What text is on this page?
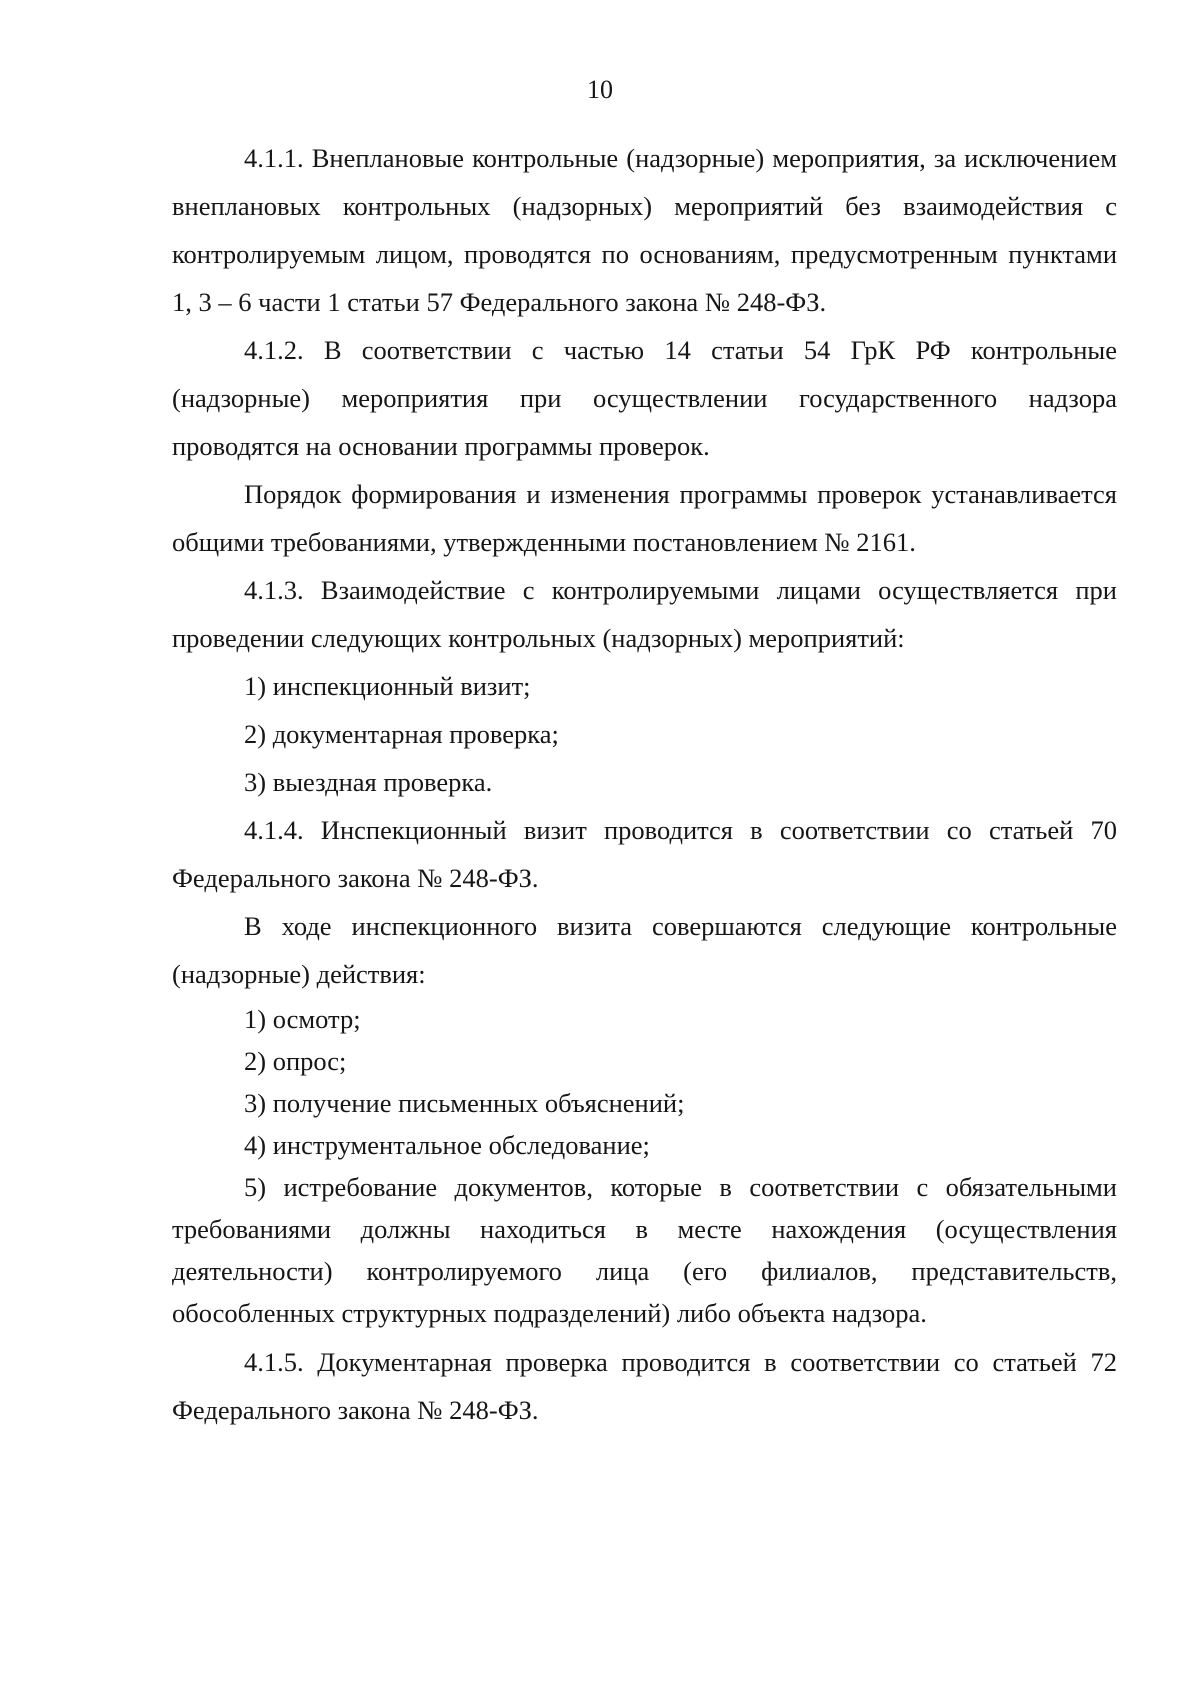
10

4.1.1. Внеплановые контрольные (надзорные) мероприятия, за исключением внеплановых контрольных (надзорных) мероприятий без взаимодействия с контролируемым лицом, проводятся по основаниям, предусмотренным пунктами 1, 3 – 6 части 1 статьи 57 Федерального закона № 248-ФЗ.

4.1.2. В соответствии с частью 14 статьи 54 ГрК РФ контрольные (надзорные) мероприятия при осуществлении государственного надзора проводятся на основании программы проверок.

Порядок формирования и изменения программы проверок устанавливается общими требованиями, утвержденными постановлением № 2161.

4.1.3. Взаимодействие с контролируемыми лицами осуществляется при проведении следующих контрольных (надзорных) мероприятий:

1) инспекционный визит;

2) документарная проверка;

3) выездная проверка.

4.1.4. Инспекционный визит проводится в соответствии со статьей 70 Федерального закона № 248-ФЗ.

В ходе инспекционного визита совершаются следующие контрольные (надзорные) действия:

1) осмотр;

2) опрос;

3) получение письменных объяснений;

4) инструментальное обследование;

5) истребование документов, которые в соответствии с обязательными требованиями должны находиться в месте нахождения (осуществления деятельности) контролируемого лица (его филиалов, представительств, обособленных структурных подразделений) либо объекта надзора.

4.1.5. Документарная проверка проводится в соответствии со статьей 72 Федерального закона № 248-ФЗ.
